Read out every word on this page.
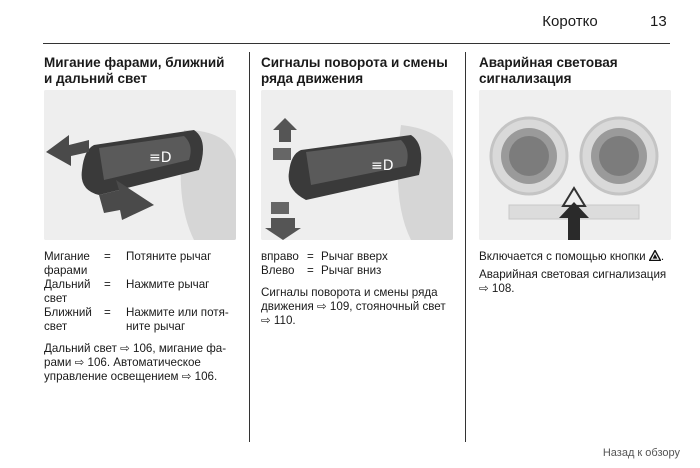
Коротко	13
Мигание фарами, ближний
и дальний свет
≡D
Мигание фарами
=	Потяните рычаг
Дальний свет
=	Нажмите рычаг
Ближний свет
=	Нажмите или потя-ните рычаг

Дальний свет ⇨ 106, мигание фа-рами ⇨ 106. Автоматическое управление освещением ⇨ 106.

Сигналы поворота и смены
ряда движения
≡D
вправо = Рычаг вверх
Влево	= Рычаг вниз

Сигналы поворота и смены ряда движения ⇨ 109, стояночный свет ⇨ 110.

Аварийная световая
сигнализация

Включается с помощью кнопки .

Аварийная световая сигнализация ⇨ 108.

Назад к обзору
